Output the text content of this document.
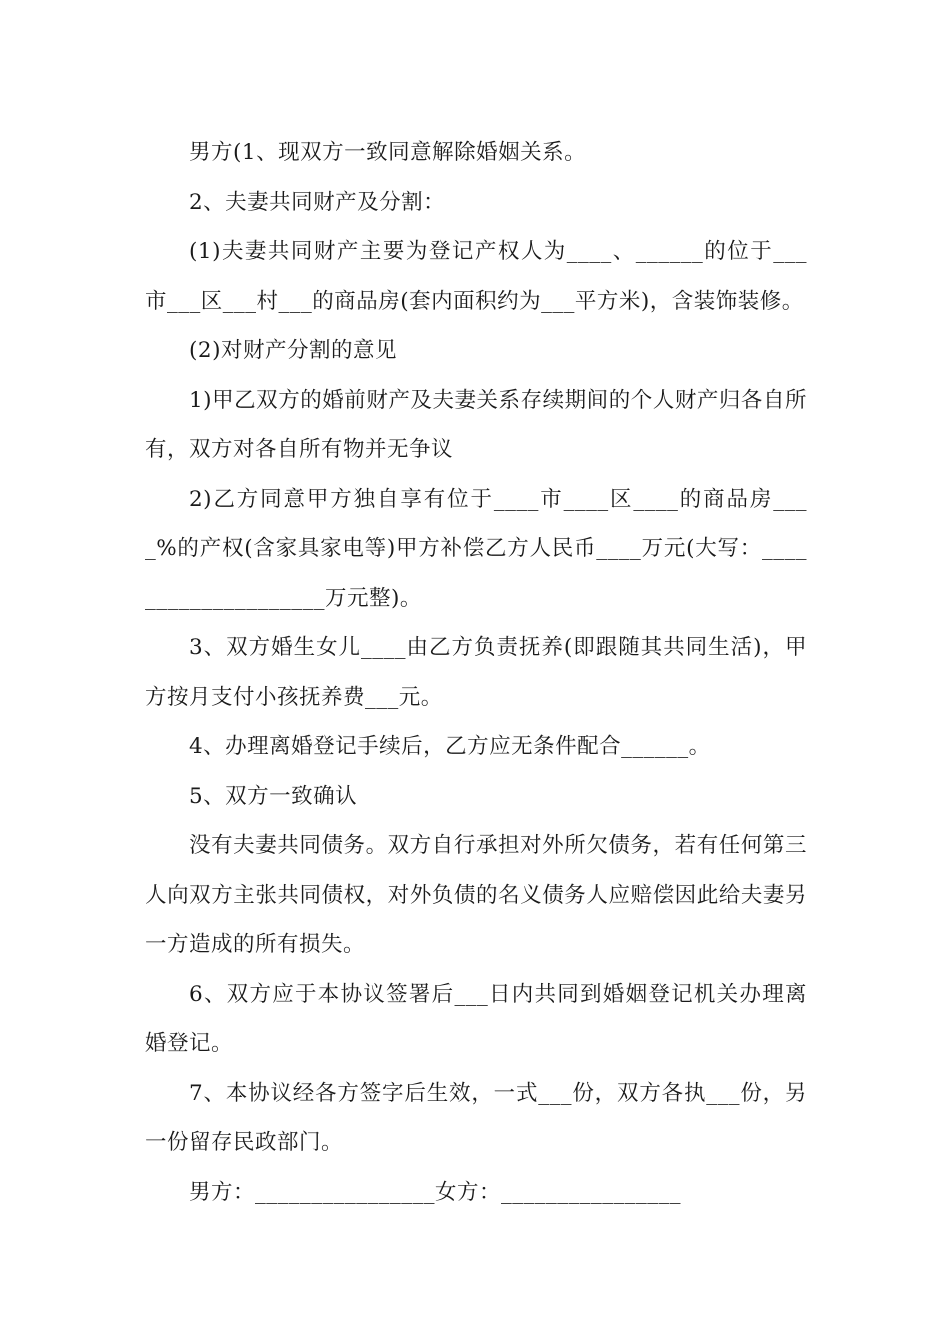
男方(1、现双方一致同意解除婚姻关系。

2、夫妻共同财产及分割：

(1)夫妻共同财产主要为登记产权人为____、______的位于___市___区___村___的商品房(套内面积约为___平方米)，含装饰装修。

(2)对财产分割的意见

1)甲乙双方的婚前财产及夫妻关系存续期间的个人财产归各自所有，双方对各自所有物并无争议

2)乙方同意甲方独自享有位于____市____区____的商品房____%的产权(含家具家电等)甲方补偿乙方人民币____万元(大写：____________________万元整)。

3、双方婚生女儿____由乙方负责抚养(即跟随其共同生活)，甲方按月支付小孩抚养费___元。

4、办理离婚登记手续后，乙方应无条件配合______。

5、双方一致确认

没有夫妻共同债务。双方自行承担对外所欠债务，若有任何第三人向双方主张共同债权，对外负债的名义债务人应赔偿因此给夫妻另一方造成的所有损失。

6、双方应于本协议签署后___日内共同到婚姻登记机关办理离婚登记。

7、本协议经各方签字后生效，一式___份，双方各执___份，另一份留存民政部门。

男方：________________女方：________________
